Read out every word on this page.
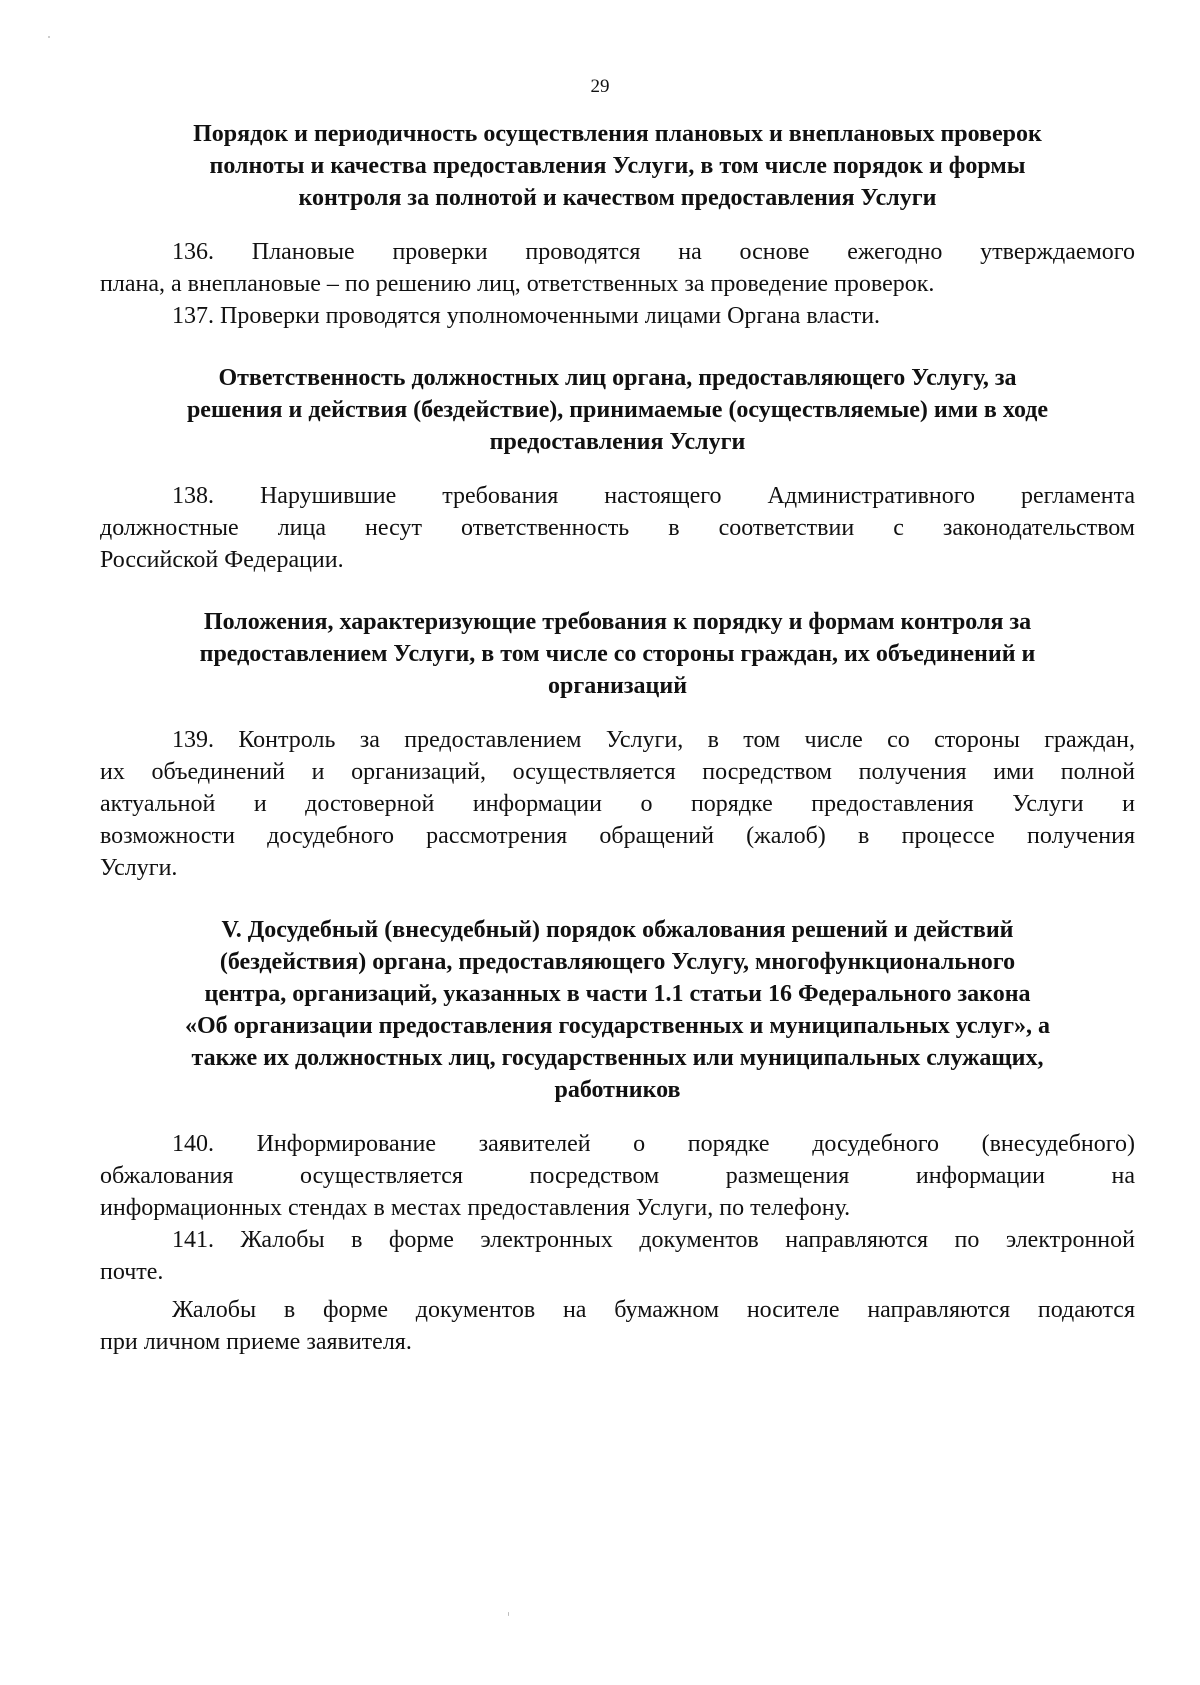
29
Порядок и периодичность осуществления плановых и внеплановых проверок
полноты и качества предоставления Услуги, в том числе порядок и формы
контроля за полнотой и качеством предоставления Услуги

136. Плановые проверки проводятся на основе ежегодно утверждаемого
плана, а внеплановые – по решению лиц, ответственных за проведение проверок.

137. Проверки проводятся уполномоченными лицами Органа власти.

Ответственность должностных лиц органа, предоставляющего Услугу, за
решения и действия (бездействие), принимаемые (осуществляемые) ими в ходе
предоставления Услуги

138. Нарушившие требования настоящего Административного регламента
должностные лица несут ответственность в соответствии с законодательством
Российской Федерации.

Положения, характеризующие требования к порядку и формам контроля за
предоставлением Услуги, в том числе со стороны граждан, их объединений и
организаций

139. Контроль за предоставлением Услуги, в том числе со стороны граждан,
их объединений и организаций, осуществляется посредством получения ими полной
актуальной и достоверной информации о порядке предоставления Услуги и
возможности досудебного рассмотрения обращений (жалоб) в процессе получения
Услуги.

V. Досудебный (внесудебный) порядок обжалования решений и действий
(бездействия) органа, предоставляющего Услугу, многофункционального
центра, организаций, указанных в части 1.1 статьи 16 Федерального закона
«Об организации предоставления государственных и муниципальных услуг», а
также их должностных лиц, государственных или муниципальных служащих,
работников

140. Информирование заявителей о порядке досудебного (внесудебного)
обжалования осуществляется посредством размещения информации на
информационных стендах в местах предоставления Услуги, по телефону.

141. Жалобы в форме электронных документов направляются по электронной
почте.

Жалобы в форме документов на бумажном носителе направляются подаются
при личном приеме заявителя.
